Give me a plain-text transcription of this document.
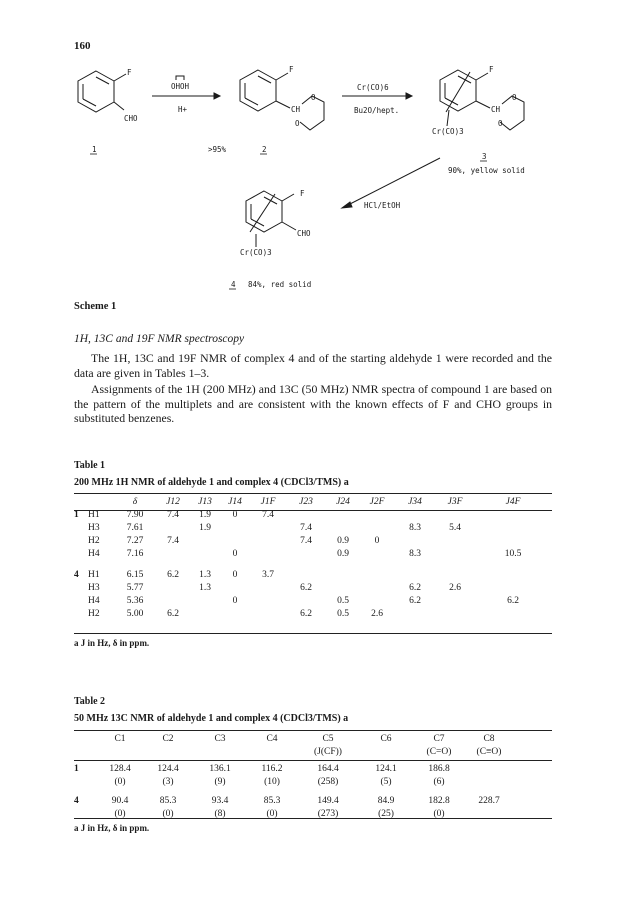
160
F
CHO
1
OHOH
H+
>95%
F
CH
O
O
2
Cr(CO)6
Bu2O/hept.
F
CH
O
O
Cr(CO)3
3
90%, yellow solid
HCl/EtOH
F
CHO
Cr(CO)3
4 84%, red solid
Scheme 1
1H, 13C and 19F NMR spectroscopy
The 1H, 13C and 19F NMR of complex 4 and of the starting aldehyde 1 were recorded and the data are given in Tables 1–3.
Assignments of the 1H (200 MHz) and 13C (50 MHz) NMR spectra of compound 1 are based on the pattern of the multiplets and are consistent with the known effects of F and CHO groups in substituted benzenes.
Table 1
200 MHz 1H NMR of aldehyde 1 and complex 4 (CDCl3/TMS) a
		δ	J12	J13	J14	J1F	J23	J24	J2F	J34	J3F	J4F
1	H1	7.90	7.4	1.9	0	7.4						
	H3	7.61		1.9			7.4			8.3	5.4	
	H2	7.27	7.4				7.4	0.9	0			
	H4	7.16			0			0.9		8.3		10.5

4	H1	6.15	6.2	1.3	0	3.7						
	H3	5.77		1.3			6.2			6.2	2.6	
	H4	5.36			0			0.5		6.2		6.2
	H2	5.00	6.2				6.2	0.5	2.6			
a J in Hz, δ in ppm.
Table 2
50 MHz 13C NMR of aldehyde 1 and complex 4 (CDCl3/TMS) a
	C1	C2	C3	C4	C5	C6	C7	C8	
					(J(CF))		(C=O)	(C≡O)	

1	128.4	124.4	136.1	116.2	164.4	124.1	186.8		
	(0)	(3)	(9)	(10)	(258)	(5)	(6)		

4	90.4	85.3	93.4	85.3	149.4	84.9	182.8	228.7	
	(0)	(0)	(8)	(0)	(273)	(25)	(0)		
a J in Hz, δ in ppm.
